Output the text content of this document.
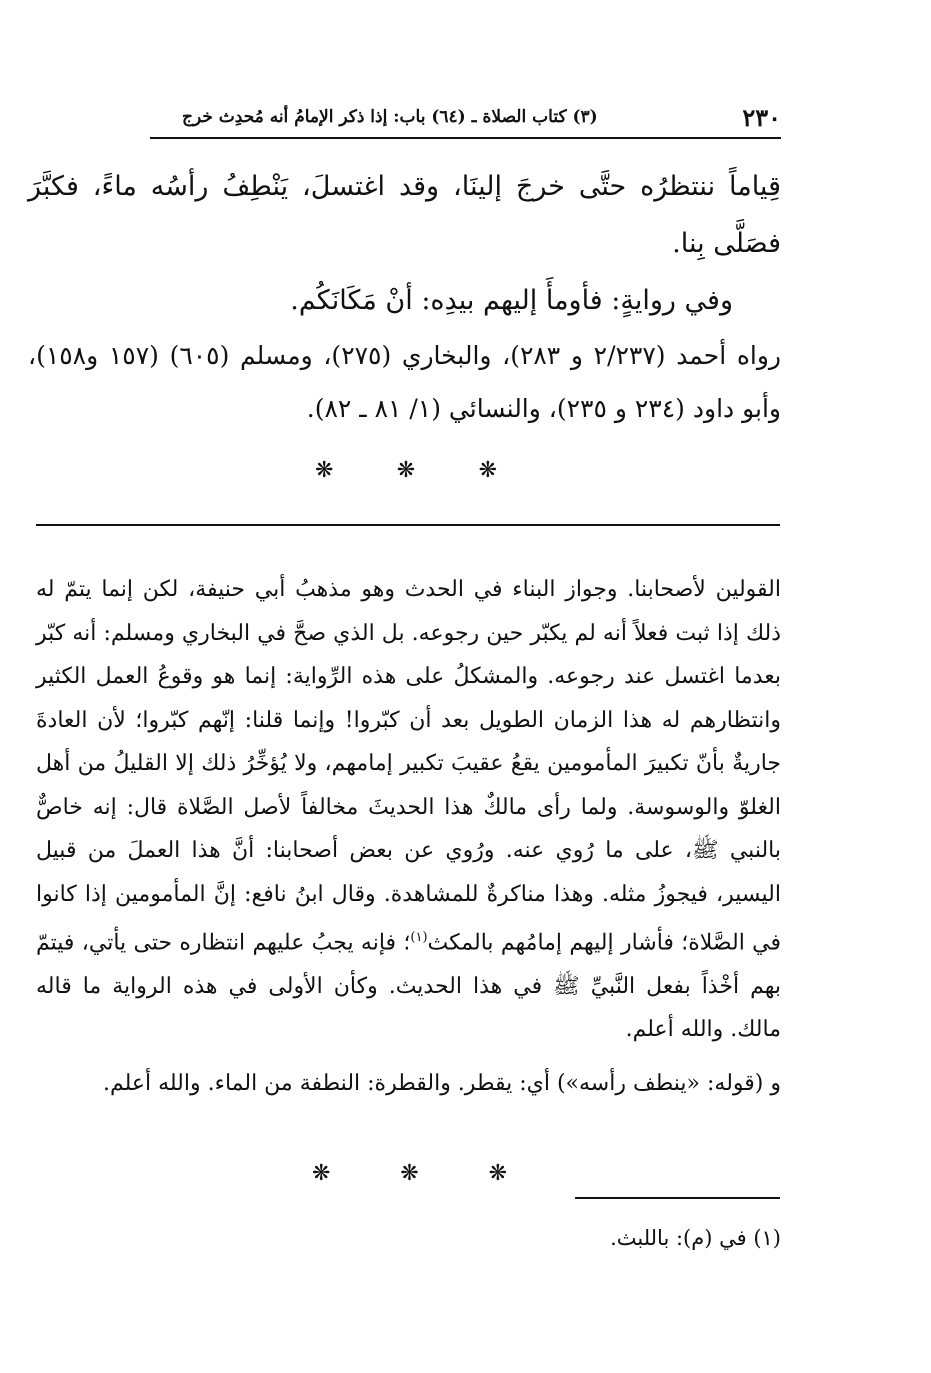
٢٣٠
(٣) كتاب الصلاة ـ (٦٤) باب: إذا ذكر الإمامُ أنه مُحدِث خرج

قِياماً ننتظرُه حتَّى خرجَ إلينَا، وقد اغتسلَ، يَنْطِفُ رأسُه ماءً، فكبَّرَ فصَلَّى بِنا.

وفي روايةٍ: فأومأَ إليهم بيدِه: أنْ مَكَانَكُم.

رواه أحمد (٢/٢٣٧ و ٢٨٣)، والبخاري (٢٧٥)، ومسلم (٦٠٥) (١٥٧ و١٥٨)، وأبو داود (٢٣٤ و ٢٣٥)، والنسائي (١/ ٨١ ـ ٨٢).

❋
❋
❋

القولين لأصحابنا. وجواز البناء في الحدث وهو مذهبُ أبي حنيفة، لكن إنما يتمّ له ذلك إذا ثبت فعلاً أنه لم يكبّر حين رجوعه. بل الذي صحَّ في البخاري ومسلم: أنه كبّر بعدما اغتسل عند رجوعه. والمشكلُ على هذه الرِّواية: إنما هو وقوعُ العمل الكثير وانتظارهم له هذا الزمان الطويل بعد أن كبّروا! وإنما قلنا: إنّهم كبّروا؛ لأن العادةَ جاريةٌ بأنّ تكبيرَ المأمومين يقعُ عقيبَ تكبير إمامهم، ولا يُؤخِّرُ ذلك إلا القليلُ من أهل الغلوّ والوسوسة. ولما رأى مالكٌ هذا الحديثَ مخالفاً لأصل الصَّلاة قال: إنه خاصٌّ بالنبي ﷺ، على ما رُوي عنه. ورُوي عن بعض أصحابنا: أنَّ هذا العملَ من قبيل اليسير، فيجوزُ مثله. وهذا مناكرةٌ للمشاهدة. وقال ابنُ نافع: إنَّ المأمومين إذا كانوا في الصَّلاة؛ فأشار إليهم إمامُهم بالمكث$^{(١)}$؛ فإنه يجبُ عليهم انتظاره حتى يأتي، فيتمّ بهم أخْذاً بفعل النَّبيِّ ﷺ في هذا الحديث. وكأن الأولى في هذه الرواية ما قاله مالك. والله أعلم.

و (قوله: «ينطف رأسه») أي: يقطر. والقطرة: النطفة من الماء. والله أعلم.

❋
❋
❋
(١) في (م): باللبث.
